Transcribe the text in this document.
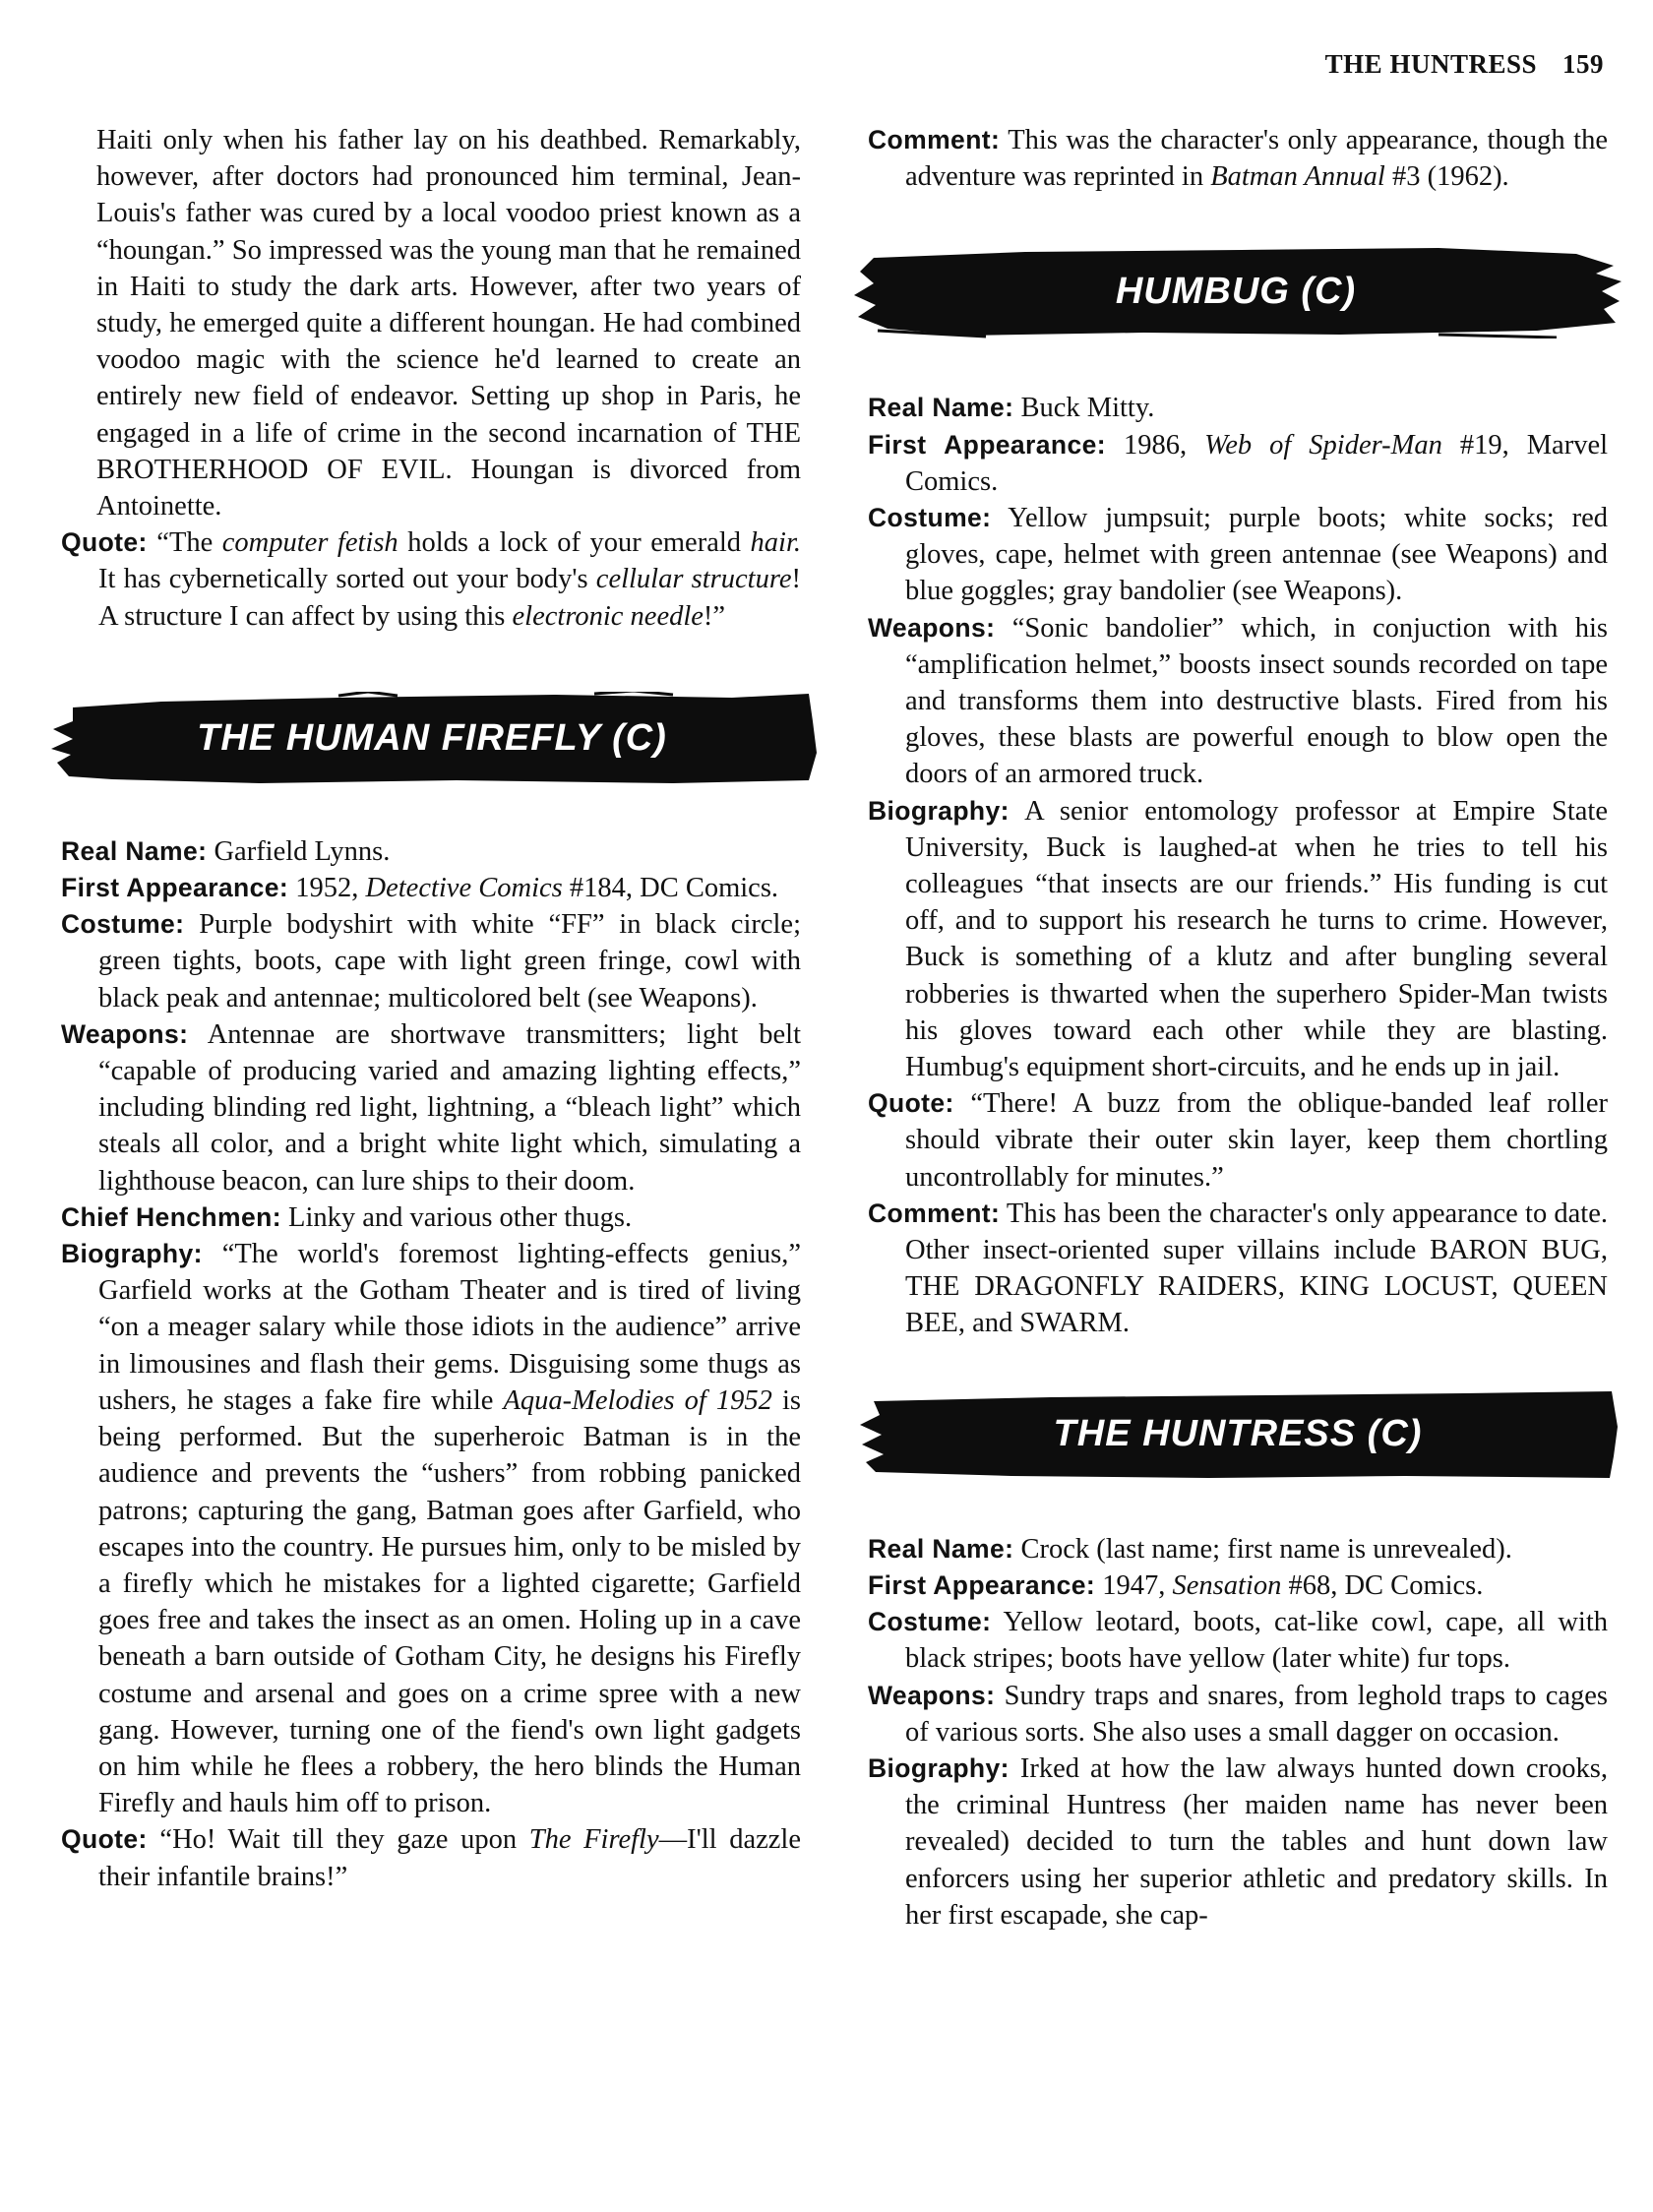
THE HUNTRESS 159

Haiti only when his father lay on his deathbed. Remarkably, however, after doctors had pronounced him terminal, Jean-Louis's father was cured by a local voodoo priest known as a “houngan.” So impressed was the young man that he remained in Haiti to study the dark arts. However, after two years of study, he emerged quite a different houngan. He had combined voodoo magic with the science he'd learned to create an entirely new field of endeavor. Setting up shop in Paris, he engaged in a life of crime in the second incarnation of THE BROTHERHOOD OF EVIL. Houngan is divorced from Antoinette.

Quote: “The computer fetish holds a lock of your emerald hair. It has cybernetically sorted out your body's cellular structure! A structure I can affect by using this electronic needle!”

THE HUMAN FIREFLY (C)

Real Name: Garfield Lynns.

First Appearance: 1952, Detective Comics #184, DC Comics.

Costume: Purple bodyshirt with white “FF” in black circle; green tights, boots, cape with light green fringe, cowl with black peak and antennae; multicolored belt (see Weapons).

Weapons: Antennae are shortwave transmitters; light belt “capable of producing varied and amazing lighting effects,” including blinding red light, lightning, a “bleach light” which steals all color, and a bright white light which, simulating a lighthouse beacon, can lure ships to their doom.

Chief Henchmen: Linky and various other thugs.

Biography: “The world's foremost lighting-effects genius,” Garfield works at the Gotham Theater and is tired of living “on a meager salary while those idiots in the audience” arrive in limousines and flash their gems. Disguising some thugs as ushers, he stages a fake fire while Aqua-Melodies of 1952 is being performed. But the superheroic Batman is in the audience and prevents the “ushers” from robbing panicked patrons; capturing the gang, Batman goes after Garfield, who escapes into the country. He pursues him, only to be misled by a firefly which he mistakes for a lighted cigarette; Garfield goes free and takes the insect as an omen. Holing up in a cave beneath a barn outside of Gotham City, he designs his Firefly costume and arsenal and goes on a crime spree with a new gang. However, turning one of the fiend's own light gadgets on him while he flees a robbery, the hero blinds the Human Firefly and hauls him off to prison.

Quote: “Ho! Wait till they gaze upon The Firefly—I'll dazzle their infantile brains!”

Comment: This was the character's only appearance, though the adventure was reprinted in Batman Annual #3 (1962).

HUMBUG (C)

Real Name: Buck Mitty.

First Appearance: 1986, Web of Spider-Man #19, Marvel Comics.

Costume: Yellow jumpsuit; purple boots; white socks; red gloves, cape, helmet with green antennae (see Weapons) and blue goggles; gray bandolier (see Weapons).

Weapons: “Sonic bandolier” which, in conjuction with his “amplification helmet,” boosts insect sounds recorded on tape and transforms them into destructive blasts. Fired from his gloves, these blasts are powerful enough to blow open the doors of an armored truck.

Biography: A senior entomology professor at Empire State University, Buck is laughed-at when he tries to tell his colleagues “that insects are our friends.” His funding is cut off, and to support his research he turns to crime. However, Buck is something of a klutz and after bungling several robberies is thwarted when the superhero Spider-Man twists his gloves toward each other while they are blasting. Humbug's equipment short-circuits, and he ends up in jail.

Quote: “There! A buzz from the oblique-banded leaf roller should vibrate their outer skin layer, keep them chortling uncontrollably for minutes.”

Comment: This has been the character's only appearance to date. Other insect-oriented super villains include BARON BUG, THE DRAGONFLY RAIDERS, KING LOCUST, QUEEN BEE, and SWARM.

THE HUNTRESS (C)

Real Name: Crock (last name; first name is unrevealed).

First Appearance: 1947, Sensation #68, DC Comics.

Costume: Yellow leotard, boots, cat-like cowl, cape, all with black stripes; boots have yellow (later white) fur tops.

Weapons: Sundry traps and snares, from leghold traps to cages of various sorts. She also uses a small dagger on occasion.

Biography: Irked at how the law always hunted down crooks, the criminal Huntress (her maiden name has never been revealed) decided to turn the tables and hunt down law enforcers using her superior athletic and predatory skills. In her first escapade, she cap-
